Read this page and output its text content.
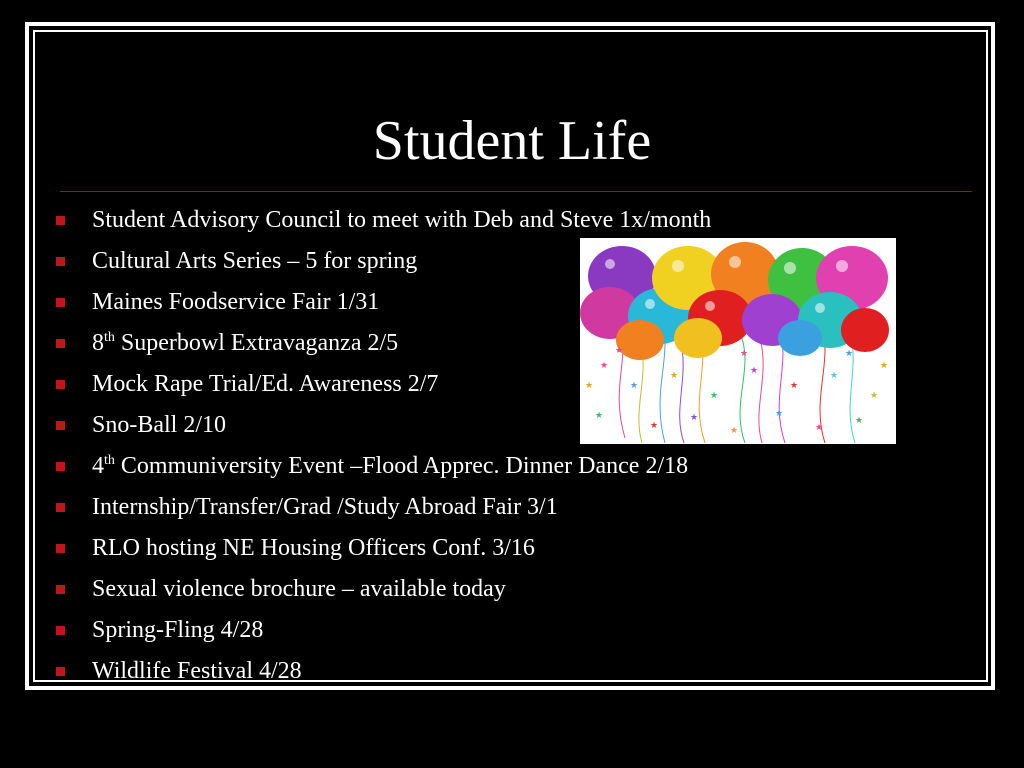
Student Life
Student Advisory Council to meet with Deb and Steve 1x/month
Cultural Arts Series – 5 for spring
Maines Foodservice Fair 1/31
8th Superbowl Extravaganza 2/5
Mock Rape Trial/Ed. Awareness 2/7
Sno-Ball 2/10
4th Communiversity Event –Flood Apprec. Dinner Dance 2/18
Internship/Transfer/Grad /Study Abroad Fair 3/1
RLO hosting NE Housing Officers Conf. 3/16
Sexual violence brochure – available today
Spring-Fling 4/28
Wildlife Festival 4/28
★
★
★
★
★
★
★
★
★
★
★
★
★
★
★
★
★	★	★
★
